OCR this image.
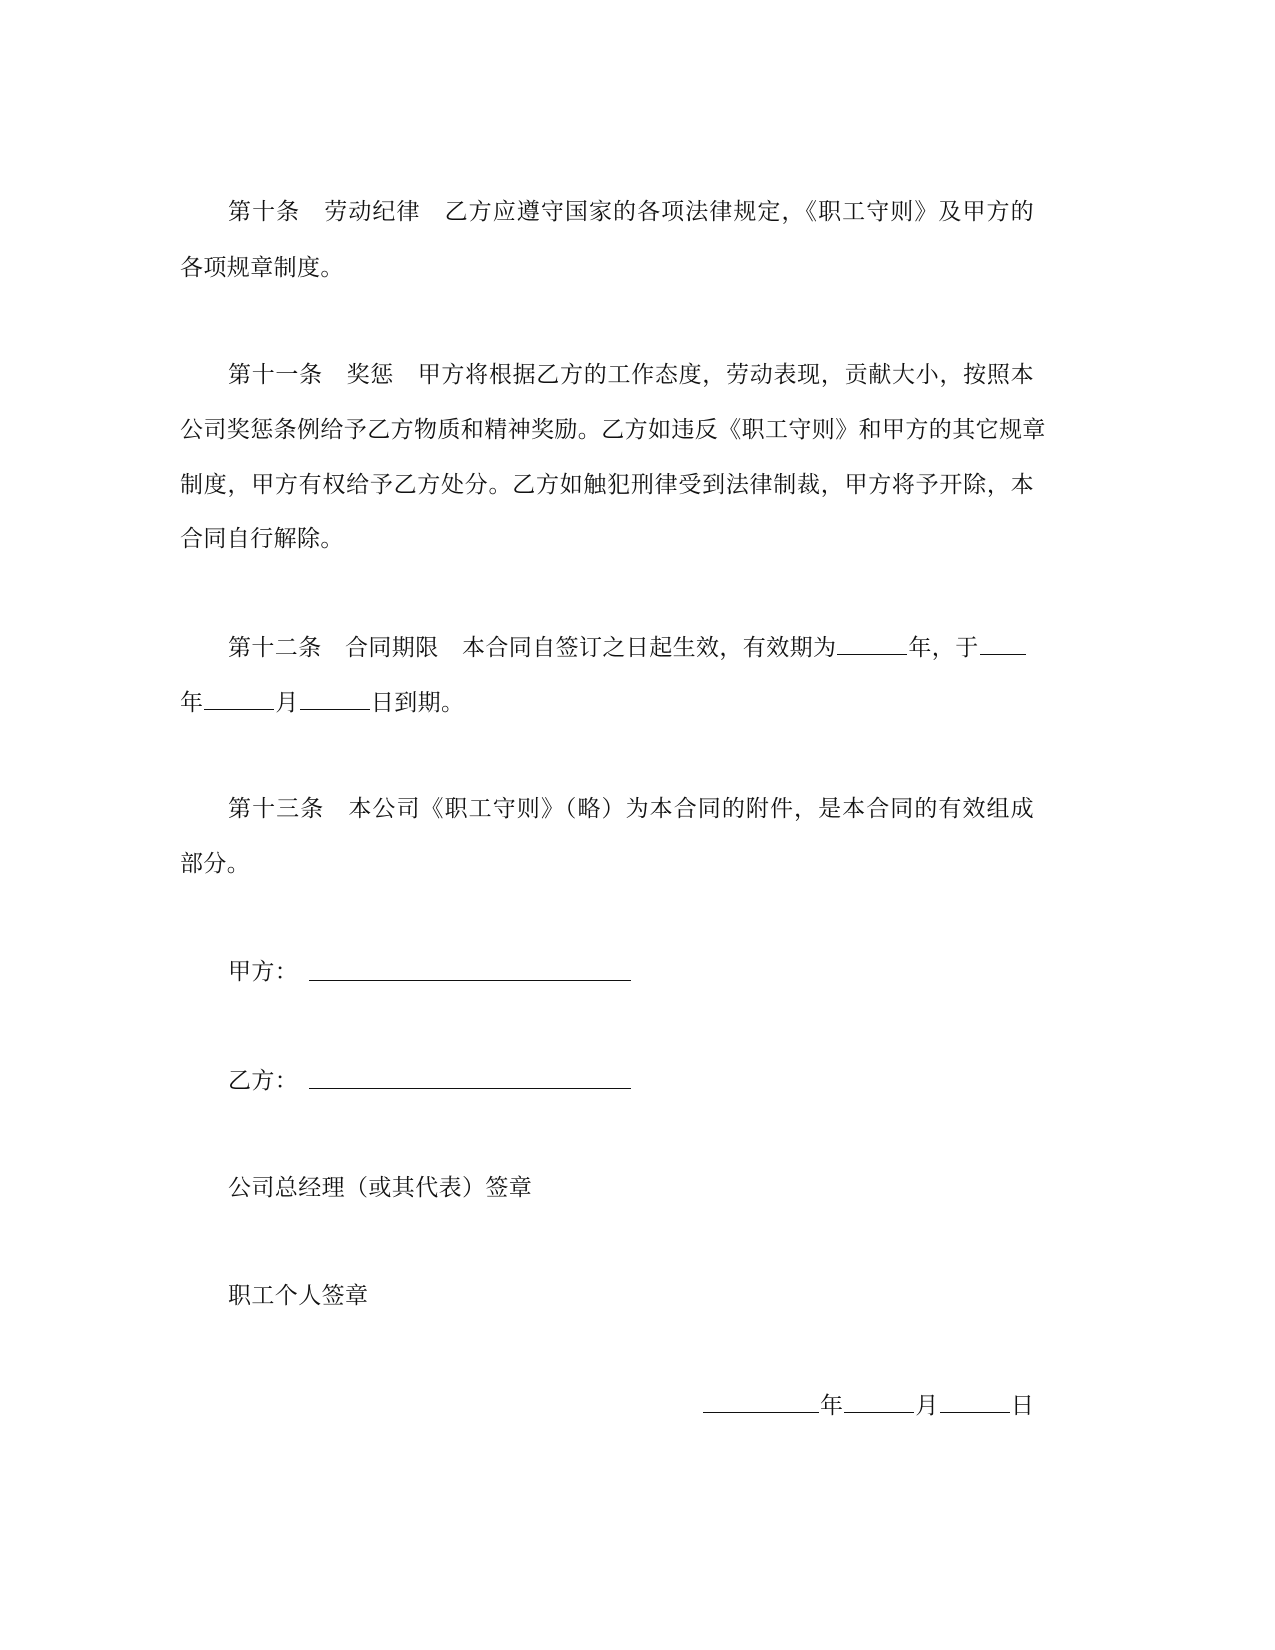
第十条　劳动纪律　乙方应遵守国家的各项法律规定，《职工守则》及甲方的
各项规章制度。
第十一条　奖惩　甲方将根据乙方的工作态度，劳动表现，贡献大小，按照本
公司奖惩条例给予乙方物质和精神奖励。乙方如违反《职工守则》和甲方的其它规章
制度，甲方有权给予乙方处分。乙方如触犯刑律受到法律制裁，甲方将予开除，本
合同自行解除。
第十二条　合同期限　本合同自签订之日起生效，有效期为	年，于
年	月	日到期。
第十三条　本公司《职工守则》（略）为本合同的附件，是本合同的有效组成
部分。
甲方：
乙方：
公司总经理（或其代表）签章
职工个人签章
年	月	日
